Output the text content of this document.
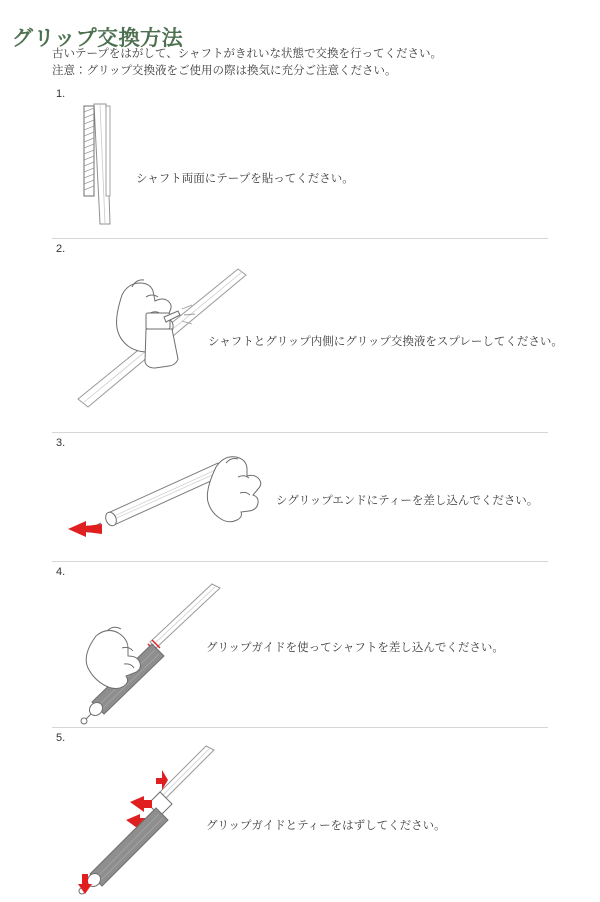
グリップ交換方法
古いテープをはがして、シャフトがきれいな状態で交換を行ってください。
注意：グリップ交換液をご使用の際は換気に充分ご注意ください。
1.
シャフト両面にテープを貼ってください。
2.
シャフトとグリップ内側にグリップ交換液をスプレーしてください。
3.
シグリップエンドにティーを差し込んでください。
4.
グリップガイドを使ってシャフトを差し込んでください。
5.
グリップガイドとティーをはずしてください。
